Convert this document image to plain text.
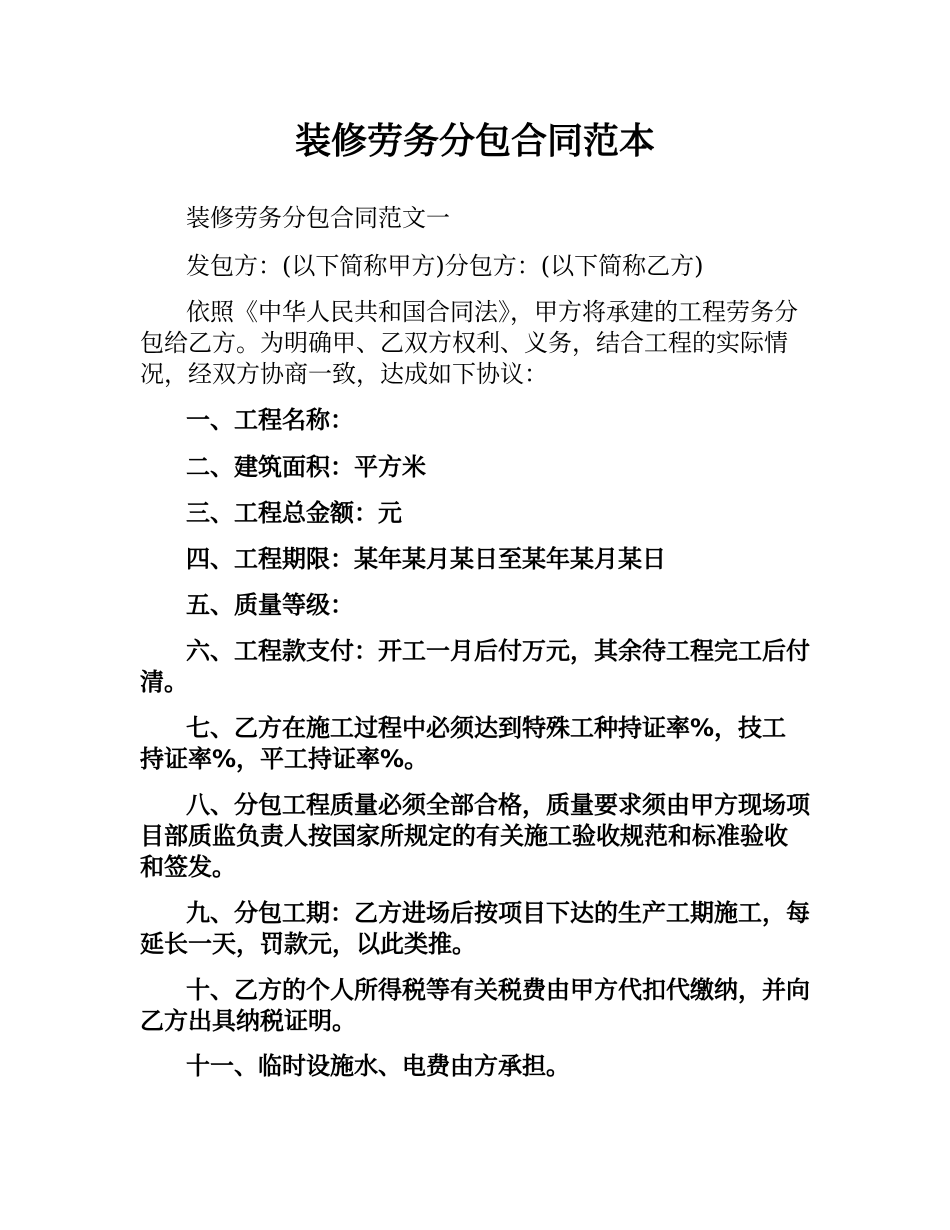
装修劳务分包合同范本

装修劳务分包合同范文一

发包方：(以下简称甲方)分包方：(以下简称乙方)

依照《中华人民共和国合同法》，甲方将承建的工程劳务分包给乙方。为明确甲、乙双方权利、义务，结合工程的实际情况，经双方协商一致，达成如下协议：

一、工程名称：

二、建筑面积：平方米

三、工程总金额：元

四、工程期限：某年某月某日至某年某月某日

五、质量等级：

六、工程款支付：开工一月后付万元，其余待工程完工后付清。

七、乙方在施工过程中必须达到特殊工种持证率%，技工持证率%，平工持证率%。

八、分包工程质量必须全部合格，质量要求须由甲方现场项目部质监负责人按国家所规定的有关施工验收规范和标准验收和签发。

九、分包工期：乙方进场后按项目下达的生产工期施工，每延长一天，罚款元，以此类推。

十、乙方的个人所得税等有关税费由甲方代扣代缴纳，并向乙方出具纳税证明。

十一、临时设施水、电费由方承担。
